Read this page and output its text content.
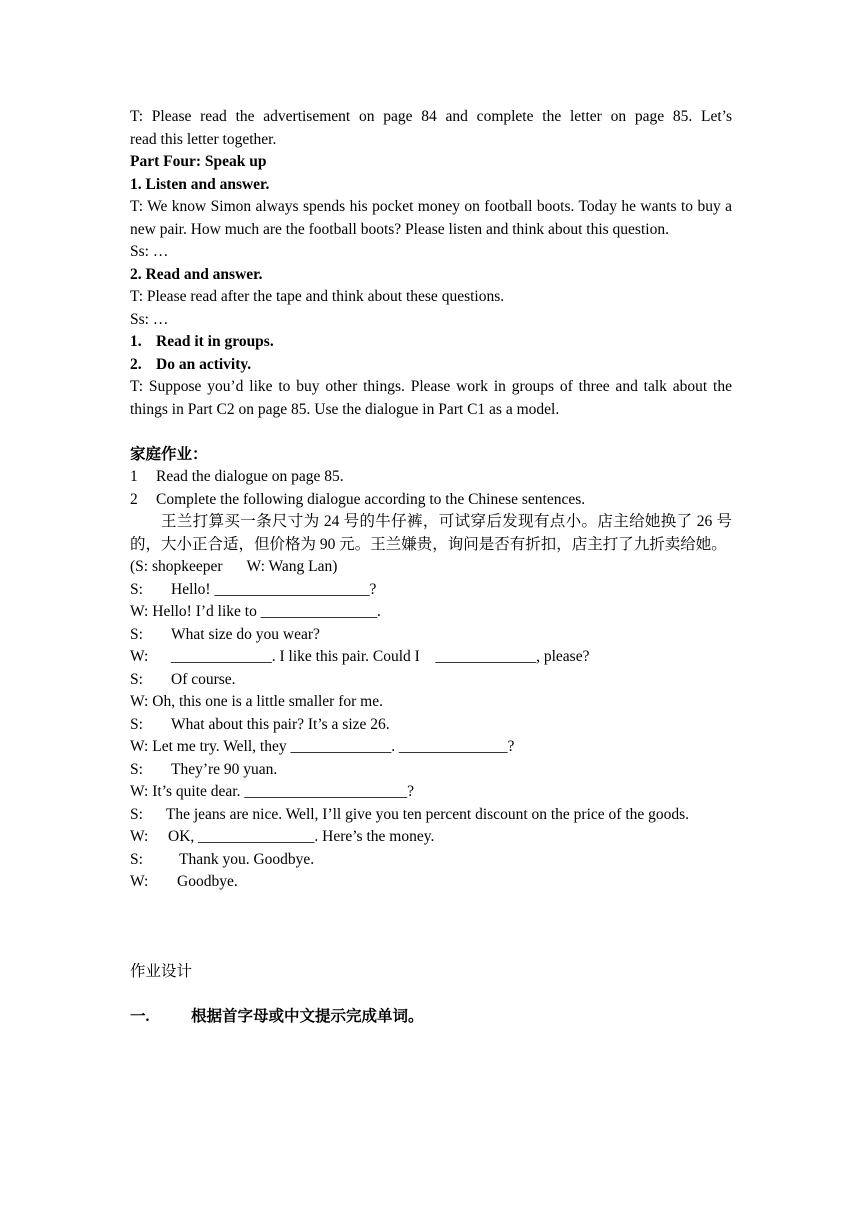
T: Please read the advertisement on page 84 and complete the letter on page 85. Let’s
read this letter together.
Part Four: Speak up
1. Listen and answer.
T: We know Simon always spends his pocket money on football boots. Today he wants to buy a new pair. How much are the football boots? Please listen and think about this question.
Ss: …
2. Read and answer.
T: Please read after the tape and think about these questions.
Ss: …
1. Read it in groups.
2. Do an activity.
T: Suppose you’d like to buy other things. Please work in groups of three and talk about the things in Part C2 on page 85. Use the dialogue in Part C1 as a model.
家庭作业：
1 Read the dialogue on page 85.
2 Complete the following dialogue according to the Chinese sentences.
王兰打算买一条尺寸为 24 号的牛仔裤，可试穿后发现有点小。店主给她换了 26 号的，大小正合适，但价格为 90 元。王兰嫌贵，询问是否有折扣，店主打了九折卖给她。
(S: shopkeeper W: Wang Lan)
S: Hello! ____________________?
W: Hello! I’d like to _______________.
S: What size do you wear?
W: _____________. I like this pair. Could I    _____________, please?
S: Of course.
W: Oh, this one is a little smaller for me.
S: What about this pair? It’s a size 26.
W: Let me try. Well, they _____________. ______________?
S: They’re 90 yuan.
W: It’s quite dear. _____________________?
S:      The jeans are nice. Well, I’ll give you ten percent discount on the price of the goods.
W: OK, _______________. Here’s the money.
S: Thank you. Goodbye.
W: Goodbye.
作业设计
一.	根据首字母或中文提示完成单词。
